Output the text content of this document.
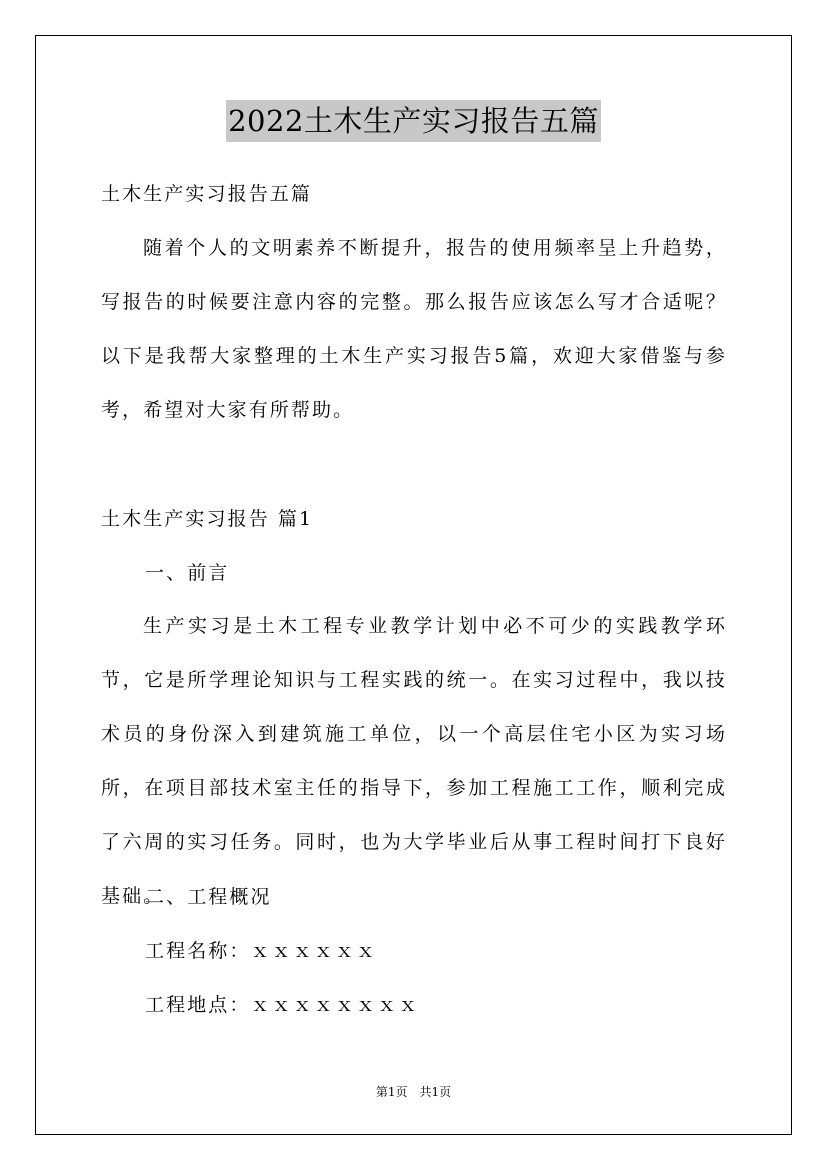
2022土木生产实习报告五篇
土木生产实习报告五篇

随着个人的文明素养不断提升，报告的使用频率呈上升趋势，写报告的时候要注意内容的完整。那么报告应该怎么写才合适呢？以下是我帮大家整理的土木生产实习报告5篇，欢迎大家借鉴与参考，希望对大家有所帮助。

土木生产实习报告 篇1
一、前言

生产实习是土木工程专业教学计划中必不可少的实践教学环节，它是所学理论知识与工程实践的统一。在实习过程中，我以技术员的身份深入到建筑施工单位，以一个高层住宅小区为实习场所，在项目部技术室主任的指导下，参加工程施工工作，顺利完成了六周的实习任务。同时，也为大学毕业后从事工程时间打下良好基础。

二、工程概况
工程名称：ｘｘｘｘｘｘ
工程地点：ｘｘｘｘｘｘｘｘ
第1页　共1页
